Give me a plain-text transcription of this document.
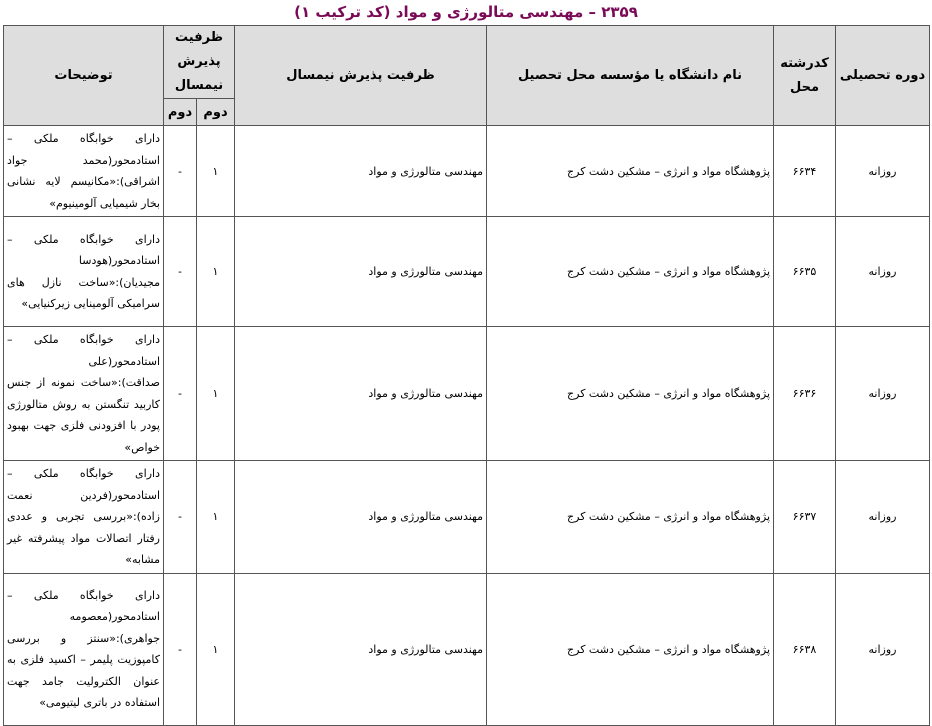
۲۳۵۹ – مهندسی متالورژی و مواد (کد ترکیب ۱)
دوره تحصیلی	کدرشته محل	نام دانشگاه یا مؤسسه محل تحصیل	ظرفیت پذیرش نیمسال	ظرفیت پذیرش نیمسال		توضیحات
				دوم	دوم	
روزانه	۶۶۳۴	پژوهشگاه مواد و انرژی – مشکین دشت کرج	مهندسی متالورژی و مواد	۱	-	دارای خوابگاه ملکی – استادمحور(محمد جواد اشراقی):«مکانیسم لایه نشانی بخار شیمیایی آلومینیوم»
روزانه	۶۶۳۵	پژوهشگاه مواد و انرژی – مشکین دشت کرج	مهندسی متالورژی و مواد	۱	-	دارای خوابگاه ملکی – استادمحور(هودسا مجیدیان):«ساخت نازل های سرامیکی آلومینایی زیرکنیایی»
روزانه	۶۶۳۶	پژوهشگاه مواد و انرژی – مشکین دشت کرج	مهندسی متالورژی و مواد	۱	-	دارای خوابگاه ملکی – استادمحور(علی صداقت):«ساخت نمونه از جنس کاربید تنگستن به روش متالورژی پودر با افزودنی فلزی جهت بهبود خواص»
روزانه	۶۶۳۷	پژوهشگاه مواد و انرژی – مشکین دشت کرج	مهندسی متالورژی و مواد	۱	-	دارای خوابگاه ملکی – استادمحور(فردین نعمت زاده):«بررسی تجربی و عددی رفتار اتصالات مواد پیشرفته غیر مشابه»
روزانه	۶۶۳۸	پژوهشگاه مواد و انرژی – مشکین دشت کرج	مهندسی متالورژی و مواد	۱	-	دارای خوابگاه ملکی – استادمحور(معصومه جواهری):«سنتز و بررسی کامپوزیت پلیمر – اکسید فلزی به عنوان الکترولیت جامد جهت استفاده در باتری لیتیومی»
